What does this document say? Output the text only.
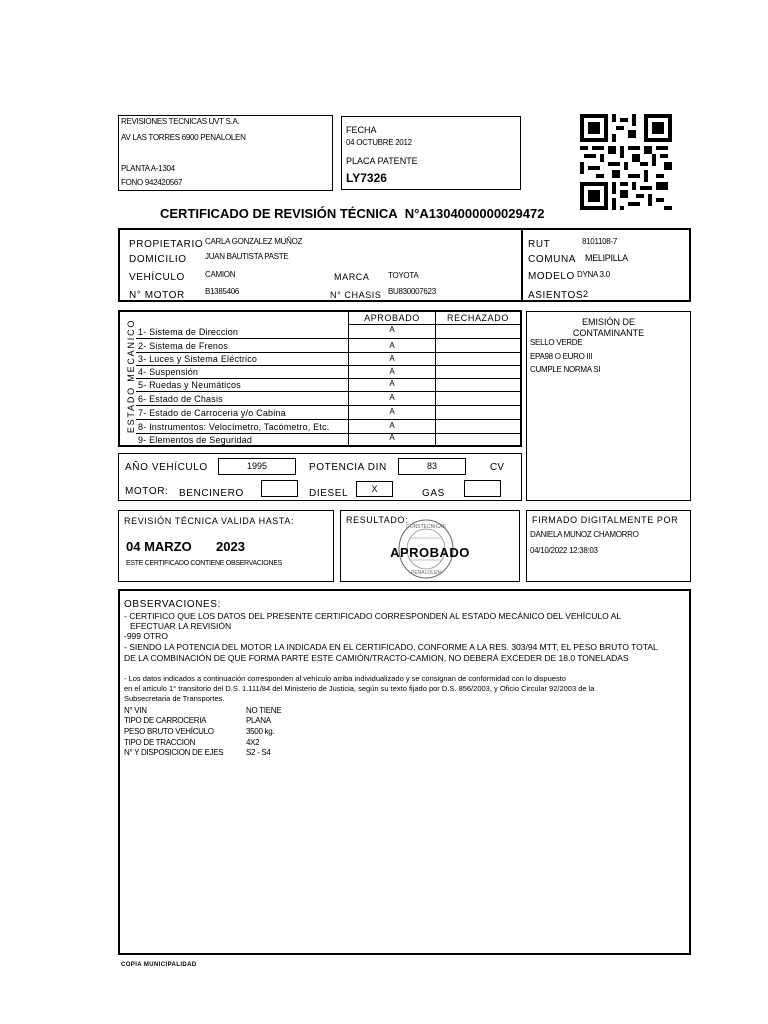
REVISIONES TECNICAS UVT S.A.
AV LAS TORRES 6900 PENALOLEN
PLANTA A-1304
FONO 942420567
FECHA
04 OCTUBRE 2012
PLACA PATENTE
LY7326
CERTIFICADO DE REVISIÓN TÉCNICA N°A1304000000029472
PROPIETARIO CARLA GONZALEZ MUÑOZ
DOMICILIO JUAN BAUTISTA PASTE
VEHÍCULO	CAMION
N° MOTOR	B1385406
MARCA TOYOTA
N° CHASIS BU830007623
RUT	8101108-7
COMUNA MELIPILLA
MODELO DYNA 3.0
ASIENTOS 2
ESTADO MECANICO
APROBADO	RECHAZADO
1- Sistema de Direccion	A
2- Sistema de Frenos	A
3- Luces y Sistema Eléctrico	A
4- Suspensión	A
5- Ruedas y Neumáticos	A
6- Estado de Chasis	A
7- Estado de Carroceria y/o Cabina	A
8- Instrumentos: Velocímetro, Tacómetro, Etc.	A
9- Elementos de Seguridad	A
EMISIÓN DE
CONTAMINANTE
SELLO VERDE
EPA98 O EURO III
CUMPLE NORMA SI
AÑO VEHÍCULO	1995	POTENCIA DIN	83	CV
MOTOR: BENCINERO	DIESEL	X	GAS
REVISIÓN TÉCNICA VALIDA HASTA:
04 MARZO 2023
ESTE CERTIFICADO CONTIENE OBSERVACIONES
RESULTADO:
CONSTECNICAS
PENALOLEN
APROBADO
FIRMADO DIGITALMENTE POR
DANIELA MUNOZ CHAMORRO
04/10/2022 12:38:03
OBSERVACIONES:
- CERTIFICO QUE LOS DATOS DEL PRESENTE CERTIFICADO CORRESPONDEN AL ESTADO MECÁNICO DEL VEHÍCULO AL
EFECTUAR LA REVISIÓN
-999 OTRO
- SIENDO LA POTENCIA DEL MOTOR LA INDICADA EN EL CERTIFICADO, CONFORME A LA RES. 303/94 MTT, EL PESO BRUTO TOTAL
DE LA COMBINACIÓN DE QUE FORMA PARTE ESTE CAMIÓN/TRACTO-CAMION, NO DEBERÁ EXCEDER DE 18.0 TONELADAS
- Los datos indicados a continuación corresponden al vehículo arriba individualizado y se consignan de conformidad con lo dispuesto
en el artículo 1° transitorio del D.S. 1.111/84 del Ministerio de Justicia, según su texto fijado por D.S. 856/2003, y Oficio Circular 92/2003 de la
Subsecretaria de Transportes.
N° VIN	NO TIENE
TIPO DE CARROCERIA	PLANA
PESO BRUTO VEHÍCULO	3500 kg.
TIPO DE TRACCION	4X2
N° Y DISPOSICION DE EJES	S2 - S4
COPIA MUNICIPALIDAD
